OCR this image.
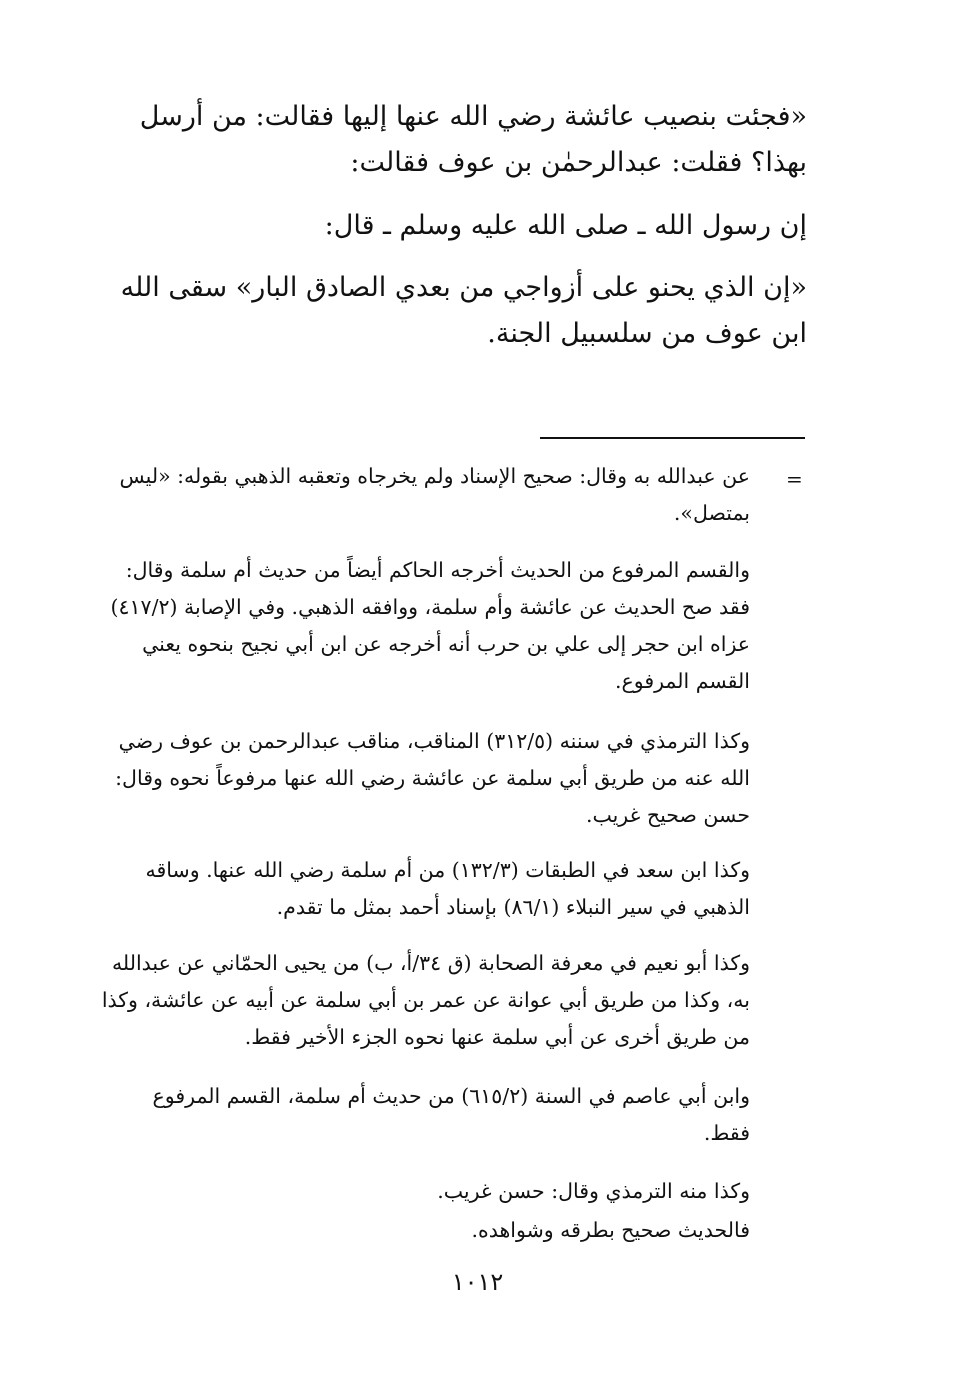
«فجئت بنصيب عائشة رضي الله عنها إليها فقالت: من أرسل بهذا؟ فقلت: عبدالرحمٰن بن عوف فقالت:

إن رسول الله ـ صلى الله عليه وسلم ـ قال:

«إن الذي يحنو على أزواجي من بعدي الصادق البار» سقى الله ابن عوف من سلسبيل الجنة.

=

عن عبدالله به وقال: صحيح الإسناد ولم يخرجاه وتعقبه الذهبي بقوله: «ليس بمتصل».

والقسم المرفوع من الحديث أخرجه الحاكم أيضاً من حديث أم سلمة وقال: فقد صح الحديث عن عائشة وأم سلمة، ووافقه الذهبي. وفي الإصابة (٤١٧/٢) عزاه ابن حجر إلى علي بن حرب أنه أخرجه عن ابن أبي نجيح بنحوه يعني القسم المرفوع.

وكذا الترمذي في سننه (٣١٢/٥) المناقب، مناقب عبدالرحمن بن عوف رضي الله عنه من طريق أبي سلمة عن عائشة رضي الله عنها مرفوعاً نحوه وقال: حسن صحيح غريب.

وكذا ابن سعد في الطبقات (١٣٢/٣) من أم سلمة رضي الله عنها. وساقه الذهبي في سير النبلاء (٨٦/١) بإسناد أحمد بمثل ما تقدم.

وكذا أبو نعيم في معرفة الصحابة (ق ٣٤/أ، ب) من يحيى الحمّاني عن عبدالله به، وكذا من طريق أبي عوانة عن عمر بن أبي سلمة عن أبيه عن عائشة، وكذا من طريق أخرى عن أبي سلمة عنها نحوه الجزء الأخير فقط.

وابن أبي عاصم في السنة (٦١٥/٢) من حديث أم سلمة، القسم المرفوع فقط.

وكذا منه الترمذي وقال: حسن غريب.

فالحديث صحيح بطرقه وشواهده.

١٠١٢
